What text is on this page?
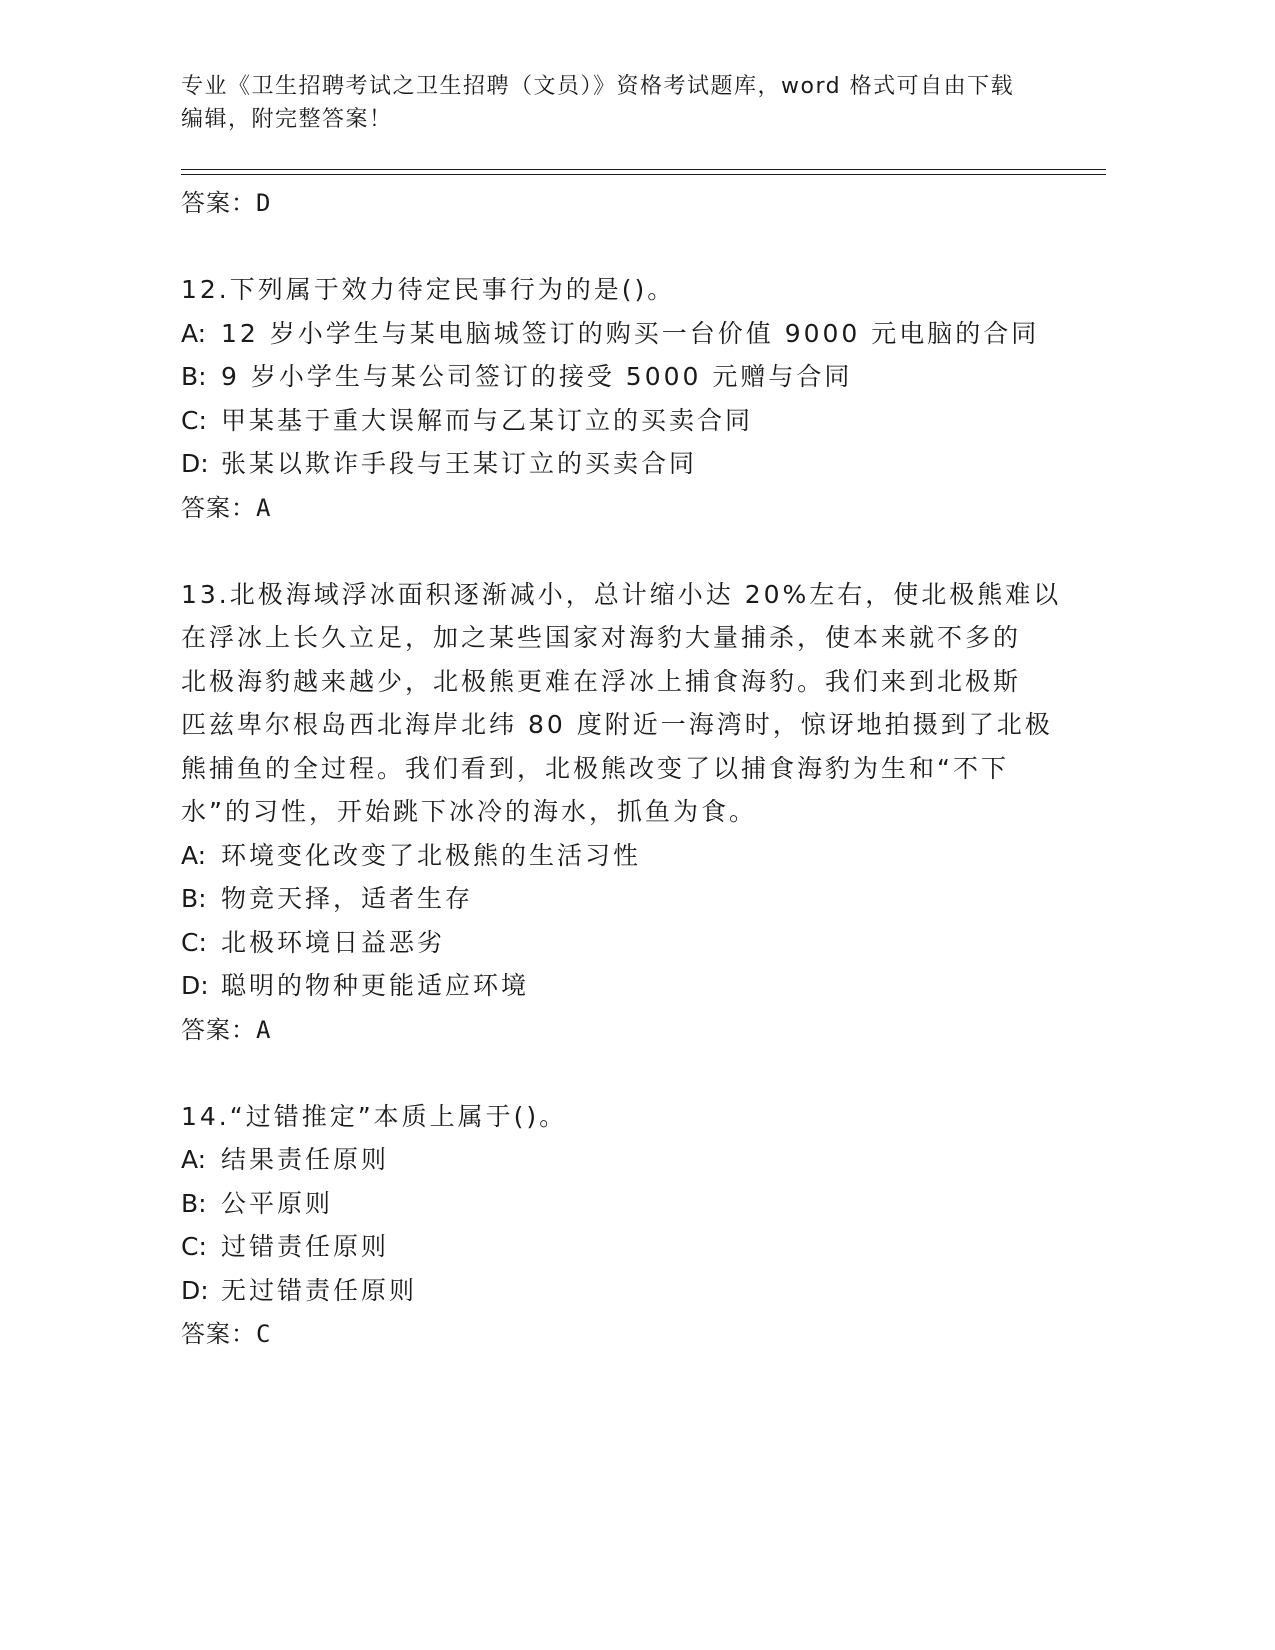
专业《卫生招聘考试之卫生招聘（文员）》资格考试题库，word 格式可自由下载
编辑，附完整答案！
答案：D
12.下列属于效力待定民事行为的是()。
A: 12 岁小学生与某电脑城签订的购买一台价值 9000 元电脑的合同
B: 9 岁小学生与某公司签订的接受 5000 元赠与合同
C: 甲某基于重大误解而与乙某订立的买卖合同
D: 张某以欺诈手段与王某订立的买卖合同
答案：A
13.北极海域浮冰面积逐渐减小，总计缩小达 20%左右，使北极熊难以
在浮冰上长久立足，加之某些国家对海豹大量捕杀，使本来就不多的
北极海豹越来越少，北极熊更难在浮冰上捕食海豹。我们来到北极斯
匹兹卑尔根岛西北海岸北纬 80 度附近一海湾时，惊讶地拍摄到了北极
熊捕鱼的全过程。我们看到，北极熊改变了以捕食海豹为生和“不下
水”的习性，开始跳下冰冷的海水，抓鱼为食。
A: 环境变化改变了北极熊的生活习性
B: 物竞天择，适者生存
C: 北极环境日益恶劣
D: 聪明的物种更能适应环境
答案：A
14.“过错推定”本质上属于()。
A: 结果责任原则
B: 公平原则
C: 过错责任原则
D: 无过错责任原则
答案：C
